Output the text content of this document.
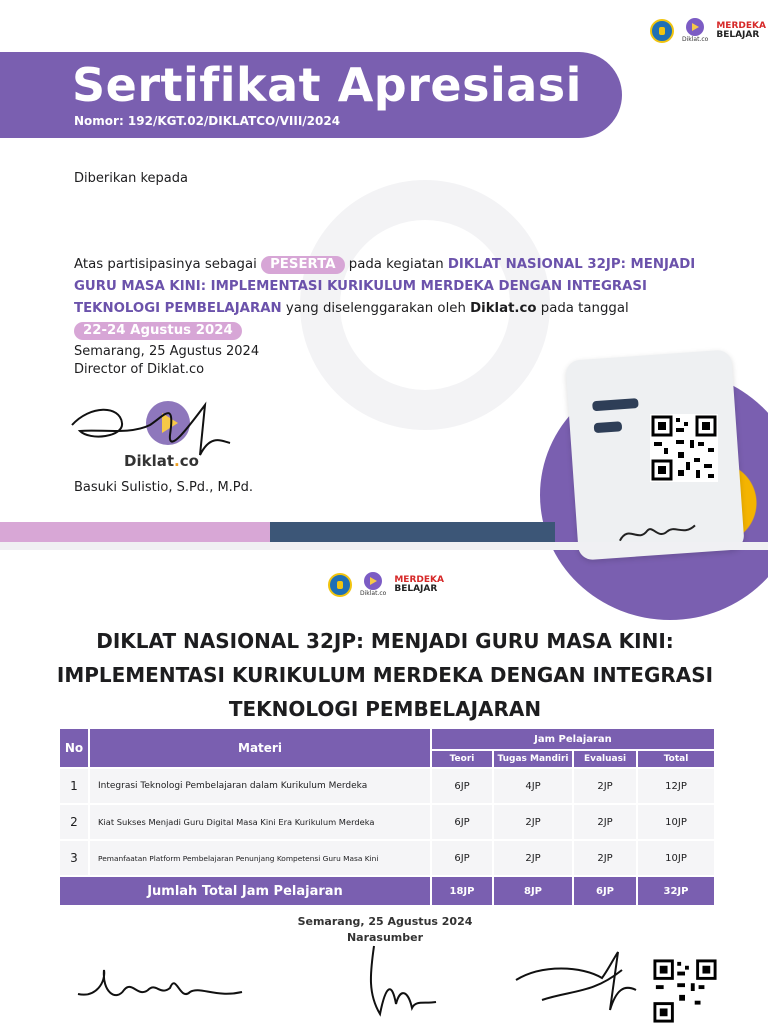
Diklat.co
MERDEKA
BELAJAR
Sertifikat Apresiasi
Nomor: 192/KGT.02/DIKLATCO/VIII/2024
Diberikan kepada
Atas partisipasinya sebagai PESERTA pada kegiatan DIKLAT NASIONAL 32JP: MENJADI GURU MASA KINI: IMPLEMENTASI KURIKULUM MERDEKA DENGAN INTEGRASI TEKNOLOGI PEMBELAJARAN yang diselenggarakan oleh Diklat.co pada tanggal 22-24 Agustus 2024
Semarang, 25 Agustus 2024
Director of Diklat.co
Diklat.co
Basuki Sulistio, S.Pd., M.Pd.
Diklat.co
MERDEKA
BELAJAR
DIKLAT NASIONAL 32JP: MENJADI GURU MASA KINI: IMPLEMENTASI KURIKULUM MERDEKA DENGAN INTEGRASI TEKNOLOGI PEMBELAJARAN
No	Materi	Jam Pelajaran			
		Teori	Tugas Mandiri	Evaluasi	Total
1	Integrasi Teknologi Pembelajaran dalam Kurikulum Merdeka	6JP	4JP	2JP	12JP
2	Kiat Sukses Menjadi Guru Digital Masa Kini Era Kurikulum Merdeka	6JP	2JP	2JP	10JP
3	Pemanfaatan Platform Pembelajaran Penunjang Kompetensi Guru Masa Kini	6JP	2JP	2JP	10JP
Jumlah Total Jam Pelajaran		18JP	8JP	6JP	32JP
Semarang, 25 Agustus 2024
Narasumber
